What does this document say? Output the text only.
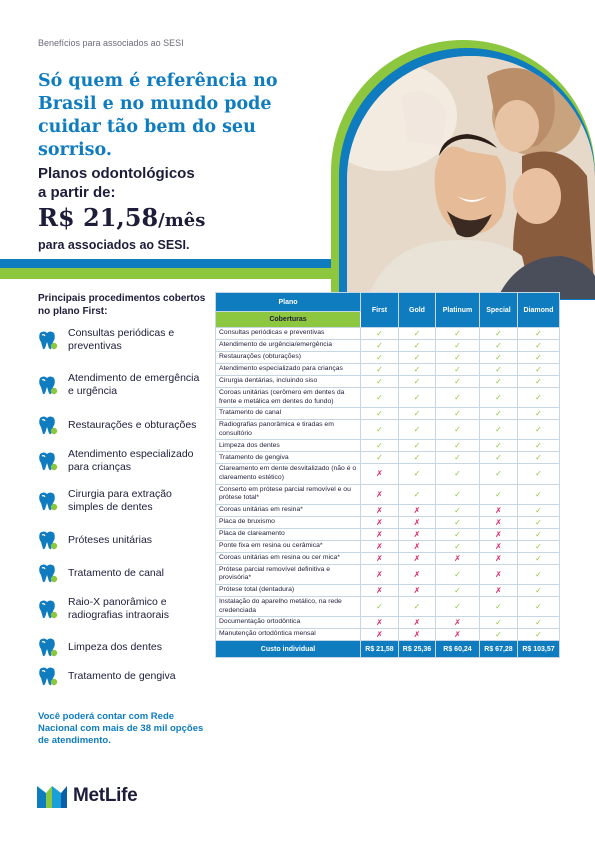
Benefícios para associados ao SESI
Só quem é referência no Brasil e no mundo pode cuidar tão bem do seu sorriso.
Planos odontológicos
a partir de:
R$ 21,58/mês
para associados ao SESI.
Principais procedimentos cobertos no plano First:
Consultas periódicas e preventivas
Atendimento de emergência e urgência
Restaurações e obturações
Atendimento especializado para crianças
Cirurgia para extração simples de dentes
Próteses unitárias
Tratamento de canal
Raio-X panorâmico e radiografias intraorais
Limpeza dos dentes
Tratamento de gengiva
Você poderá contar com Rede Nacional com mais de 38 mil opções de atendimento.
MetLife
Plano	First	Gold	Platinum	Special	Diamond
Coberturas					
Consultas periódicas e preventivas	✓	✓	✓	✓	✓
Atendimento de urgência/emergência	✓	✓	✓	✓	✓
Restaurações (obturações)	✓	✓	✓	✓	✓
Atendimento especializado para crianças	✓	✓	✓	✓	✓
Cirurgia dentárias, incluindo siso	✓	✓	✓	✓	✓
Coroas unitárias (cerômero em dentes da frente e metálica em dentes do fundo)	✓	✓	✓	✓	✓
Tratamento de canal	✓	✓	✓	✓	✓
Radiografias panorâmica e tiradas em consultório	✓	✓	✓	✓	✓
Limpeza dos dentes	✓	✓	✓	✓	✓
Tratamento de gengiva	✓	✓	✓	✓	✓
Clareamento em dente desvitalizado (não é o clareamento estético)	✗	✓	✓	✓	✓
Conserto em prótese parcial removível e ou prótese total*	✗	✓	✓	✓	✓
Coroas unitárias em resina*	✗	✗	✓	✗	✓
Placa de bruxismo	✗	✗	✓	✗	✓
Placa de clareamento	✗	✗	✓	✗	✓
Ponte fixa em resina ou cerâmica*	✗	✗	✓	✗	✓
Coroas unitárias em resina ou cer mica*	✗	✗	✗	✗	✓
Prótese parcial removível definitiva e provisória*	✗	✗	✓	✗	✓
Prótese total (dentadura)	✗	✗	✓	✗	✓
Instalação do aparelho metálico, na rede credenciada	✓	✓	✓	✓	✓
Documentação ortodôntica	✗	✗	✗	✓	✓
Manutenção ortodôntica mensal	✗	✗	✗	✓	✓
Custo individual	R$ 21,58	R$ 25,36	R$ 60,24	R$ 67,28	R$ 103,57
